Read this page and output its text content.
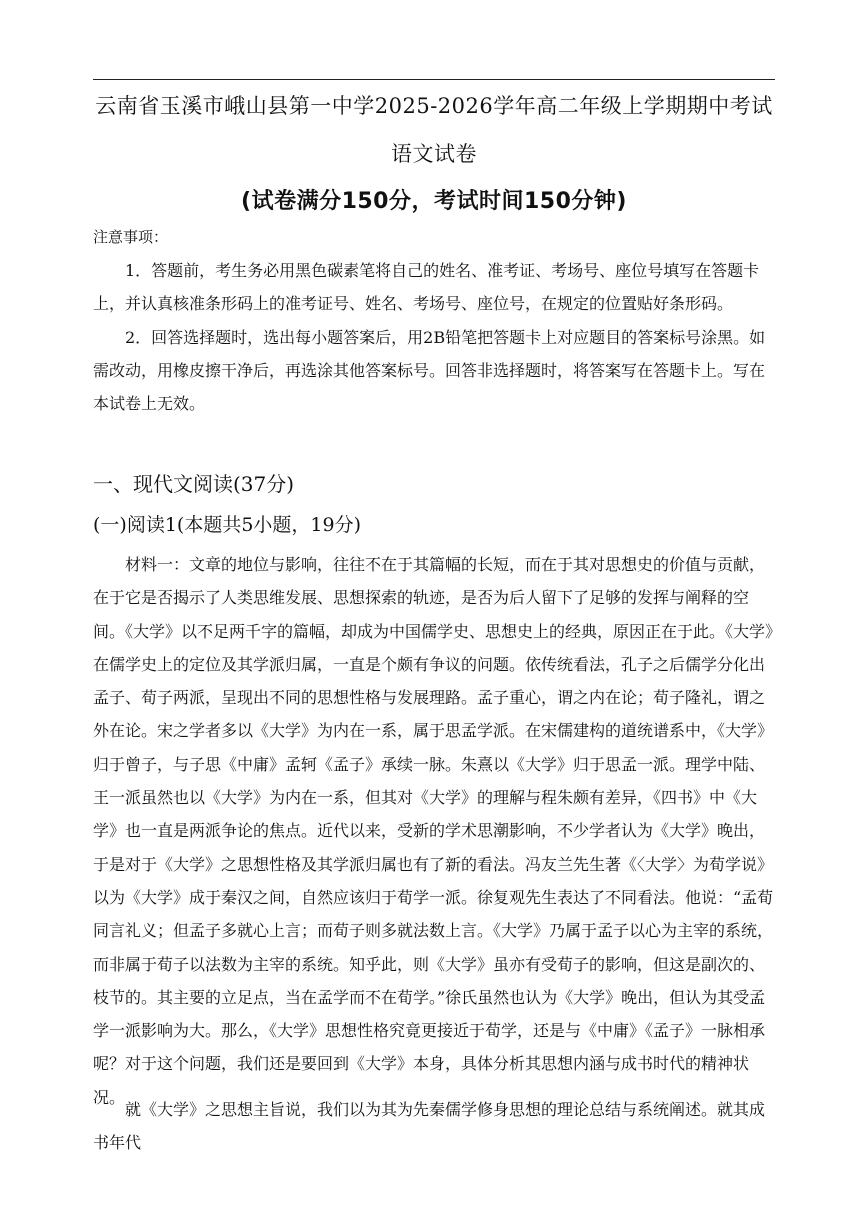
云南省玉溪市峨山县第一中学2025-2026学年高二年级上学期期中考试
语文试卷
(试卷满分150分，考试时间150分钟)
注意事项：

1．答题前，考生务必用黑色碳素笔将自己的姓名、准考证、考场号、座位号填写在答题卡上，并认真核准条形码上的准考证号、姓名、考场号、座位号，在规定的位置贴好条形码。

2．回答选择题时，选出每小题答案后，用2B铅笔把答题卡上对应题目的答案标号涂黑。如需改动，用橡皮擦干净后，再选涂其他答案标号。回答非选择题时，将答案写在答题卡上。写在本试卷上无效。

一、现代文阅读(37分)
(一)阅读1(本题共5小题，19分)

材料一：文章的地位与影响，往往不在于其篇幅的长短，而在于其对思想史的价值与贡献，在于它是否揭示了人类思维发展、思想探索的轨迹，是否为后人留下了足够的发挥与阐释的空间。《大学》以不足两千字的篇幅，却成为中国儒学史、思想史上的经典，原因正在于此。《大学》在儒学史上的定位及其学派归属，一直是个颇有争议的问题。依传统看法，孔子之后儒学分化出孟子、荀子两派，呈现出不同的思想性格与发展理路。孟子重心，谓之内在论；荀子隆礼，谓之外在论。宋之学者多以《大学》为内在一系，属于思孟学派。在宋儒建构的道统谱系中，《大学》归于曾子，与子思《中庸》孟轲《孟子》承续一脉。朱熹以《大学》归于思孟一派。理学中陆、王一派虽然也以《大学》为内在一系，但其对《大学》的理解与程朱颇有差异，《四书》中《大学》也一直是两派争论的焦点。近代以来，受新的学术思潮影响，不少学者认为《大学》晚出，于是对于《大学》之思想性格及其学派归属也有了新的看法。冯友兰先生著《〈大学〉为荀学说》以为《大学》成于秦汉之间，自然应该归于荀学一派。徐复观先生表达了不同看法。他说：“孟荀同言礼义；但孟子多就心上言；而荀子则多就法数上言。《大学》乃属于孟子以心为主宰的系统，而非属于荀子以法数为主宰的系统。知乎此，则《大学》虽亦有受荀子的影响，但这是副次的、枝节的。其主要的立足点，当在孟学而不在荀学。”徐氏虽然也认为《大学》晚出，但认为其受孟学一派影响为大。那么，《大学》思想性格究竟更接近于荀学，还是与《中庸》《孟子》一脉相承呢？对于这个问题，我们还是要回到《大学》本身，具体分析其思想内涵与成书时代的精神状况。

就《大学》之思想主旨说，我们以为其为先秦儒学修身思想的理论总结与系统阐述。就其成书年代
